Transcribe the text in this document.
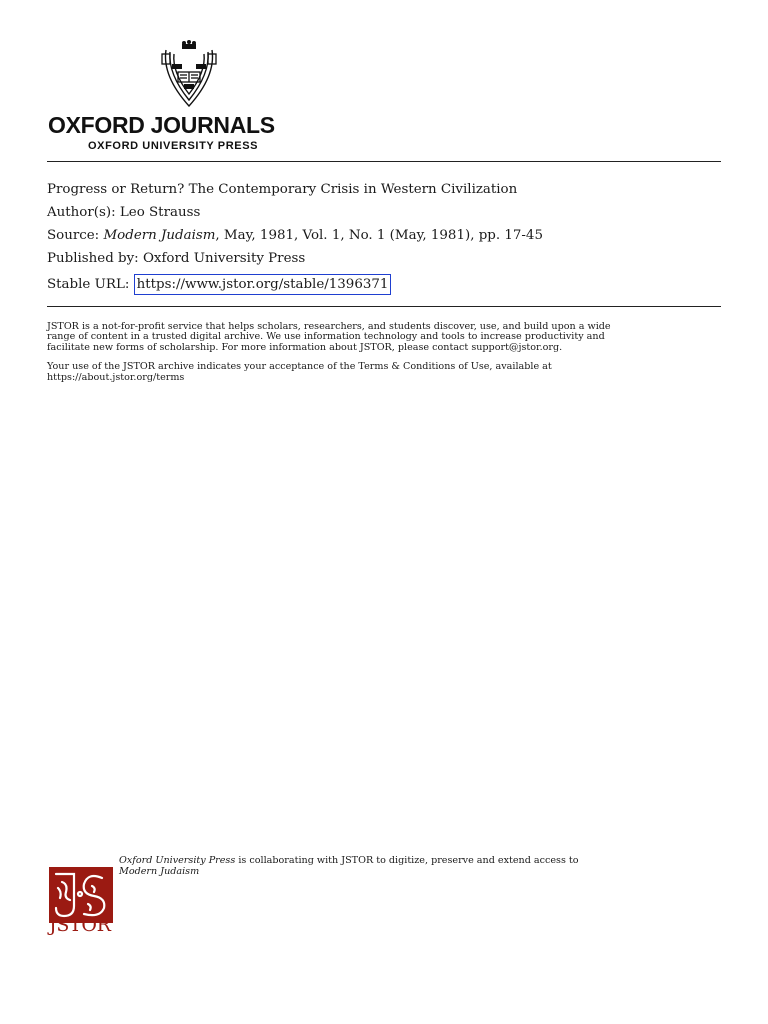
OXFORD JOURNALS
OXFORD UNIVERSITY PRESS
Progress or Return? The Contemporary Crisis in Western Civilization
Author(s): Leo Strauss
Source: Modern Judaism, May, 1981, Vol. 1, No. 1 (May, 1981), pp. 17-45
Published by: Oxford University Press
Stable URL: https://www.jstor.org/stable/1396371

JSTOR is a not-for-profit service that helps scholars, researchers, and students discover, use, and build upon a wide
range of content in a trusted digital archive. We use information technology and tools to increase productivity and
facilitate new forms of scholarship. For more information about JSTOR, please contact support@jstor.org.

Your use of the JSTOR archive indicates your acceptance of the Terms & Conditions of Use, available at
https://about.jstor.org/terms

JSTOR
Oxford University Press is collaborating with JSTOR to digitize, preserve and extend access to
Modern Judaism
